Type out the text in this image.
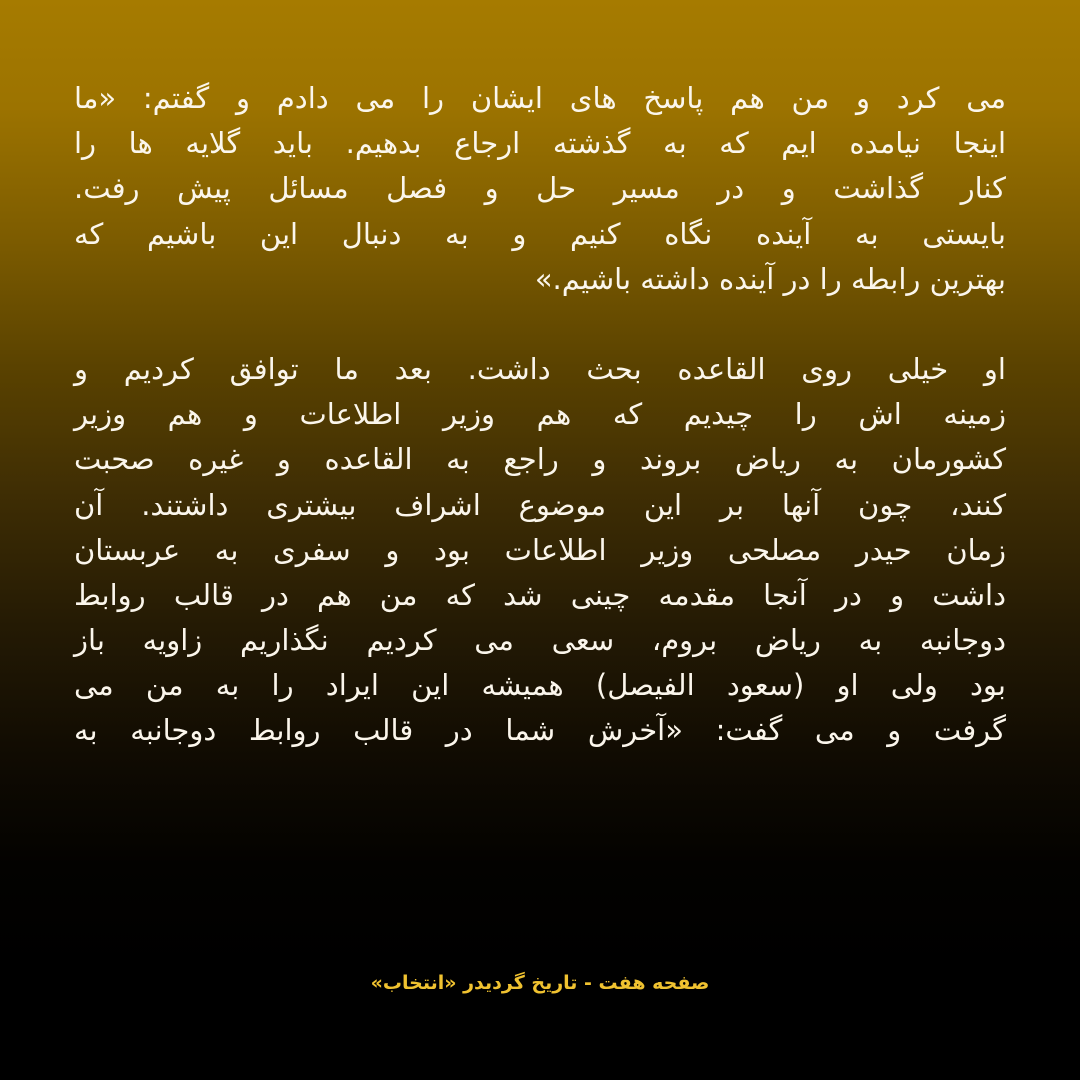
می کرد و من هم پاسخ های ایشان را می دادم و گفتم: «ما
اینجا نیامده ایم که به گذشته ارجاع بدهیم. باید گلایه ها را
کنار گذاشت و در مسیر حل و فصل مسائل پیش رفت.
بایستی به آینده نگاه کنیم و به دنبال این باشیم که
بهترین رابطه را در آینده داشته باشیم.»

او خیلی روی القاعده بحث داشت. بعد ما توافق کردیم و
زمینه اش را چیدیم که هم وزیر اطلاعات و هم وزیر
کشورمان به ریاض بروند و راجع به القاعده و غیره صحبت
کنند، چون آنها بر این موضوع اشراف بیشتری داشتند. آن
زمان حیدر مصلحی وزیر اطلاعات بود و سفری به عربستان
داشت و در آنجا مقدمه چینی شد که من هم در قالب روابط
دوجانبه به ریاض بروم، سعی می کردیم نگذاریم زاویه باز
بود ولی او (سعود الفیصل) همیشه این ایراد را به من می
گرفت و می گفت: «آخرش شما در قالب روابط دوجانبه به

صفحه هفت - تاریخ گردیدر «انتخاب»
